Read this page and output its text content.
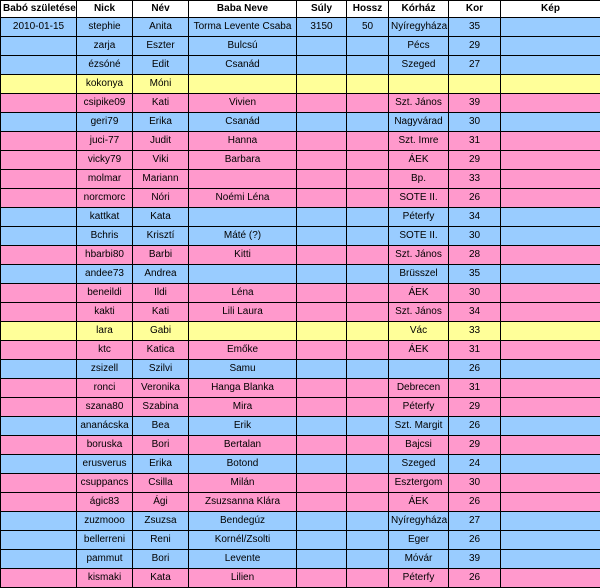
Babó születése	Nick	Név	Baba Neve	Súly	Hossz	Kórház	Kor	Kép
2010-01-15	stephie	Anita	Torma Levente Csaba	3150	50	Nyíregyháza	35	
	zarja	Eszter	Bulcsú			Pécs	29	
	ézsóné	Edit	Csanád			Szeged	27	
	kokonya	Móni						
	csipike09	Kati	Vivien			Szt. János	39	
	geri79	Erika	Csanád			Nagyvárad	30	
	juci-77	Judit	Hanna			Szt. Imre	31	
	vicky79	Viki	Barbara			ÁEK	29	
	molmar	Mariann				Bp.	33	
	norcmorc	Nóri	Noémi Léna			SOTE II.	26	
	kattkat	Kata				Péterfy	34	
	Bchris	Krisztí	Máté (?)			SOTE II.	30	
	hbarbi80	Barbi	Kitti			Szt. János	28	
	andee73	Andrea				Brüsszel	35	
	beneildi	Ildi	Léna			ÁEK	30	
	kakti	Kati	Lili Laura			Szt. János	34	
	lara	Gabi				Vác	33	
	ktc	Katica	Emőke			ÁEK	31	
	zsizell	Szilvi	Samu				26	
	ronci	Veronika	Hanga Blanka			Debrecen	31	
	szana80	Szabina	Mira			Péterfy	29	
	ananácska	Bea	Erik			Szt. Margit	26	
	boruska	Bori	Bertalan			Bajcsi	29	
	erusverus	Erika	Botond			Szeged	24	
	csuppancs	Csilla	Milán			Esztergom	30	
	ágic83	Ági	Zsuzsanna Klára			ÁEK	26	
	zuzmooo	Zsuzsa	Bendegúz			Nyíregyháza	27	
	bellerreni	Reni	Kornél/Zsolti			Eger	26	
	pammut	Bori	Levente			Mόvár	39	
	kismaki	Kata	Lilien			Péterfy	26	
